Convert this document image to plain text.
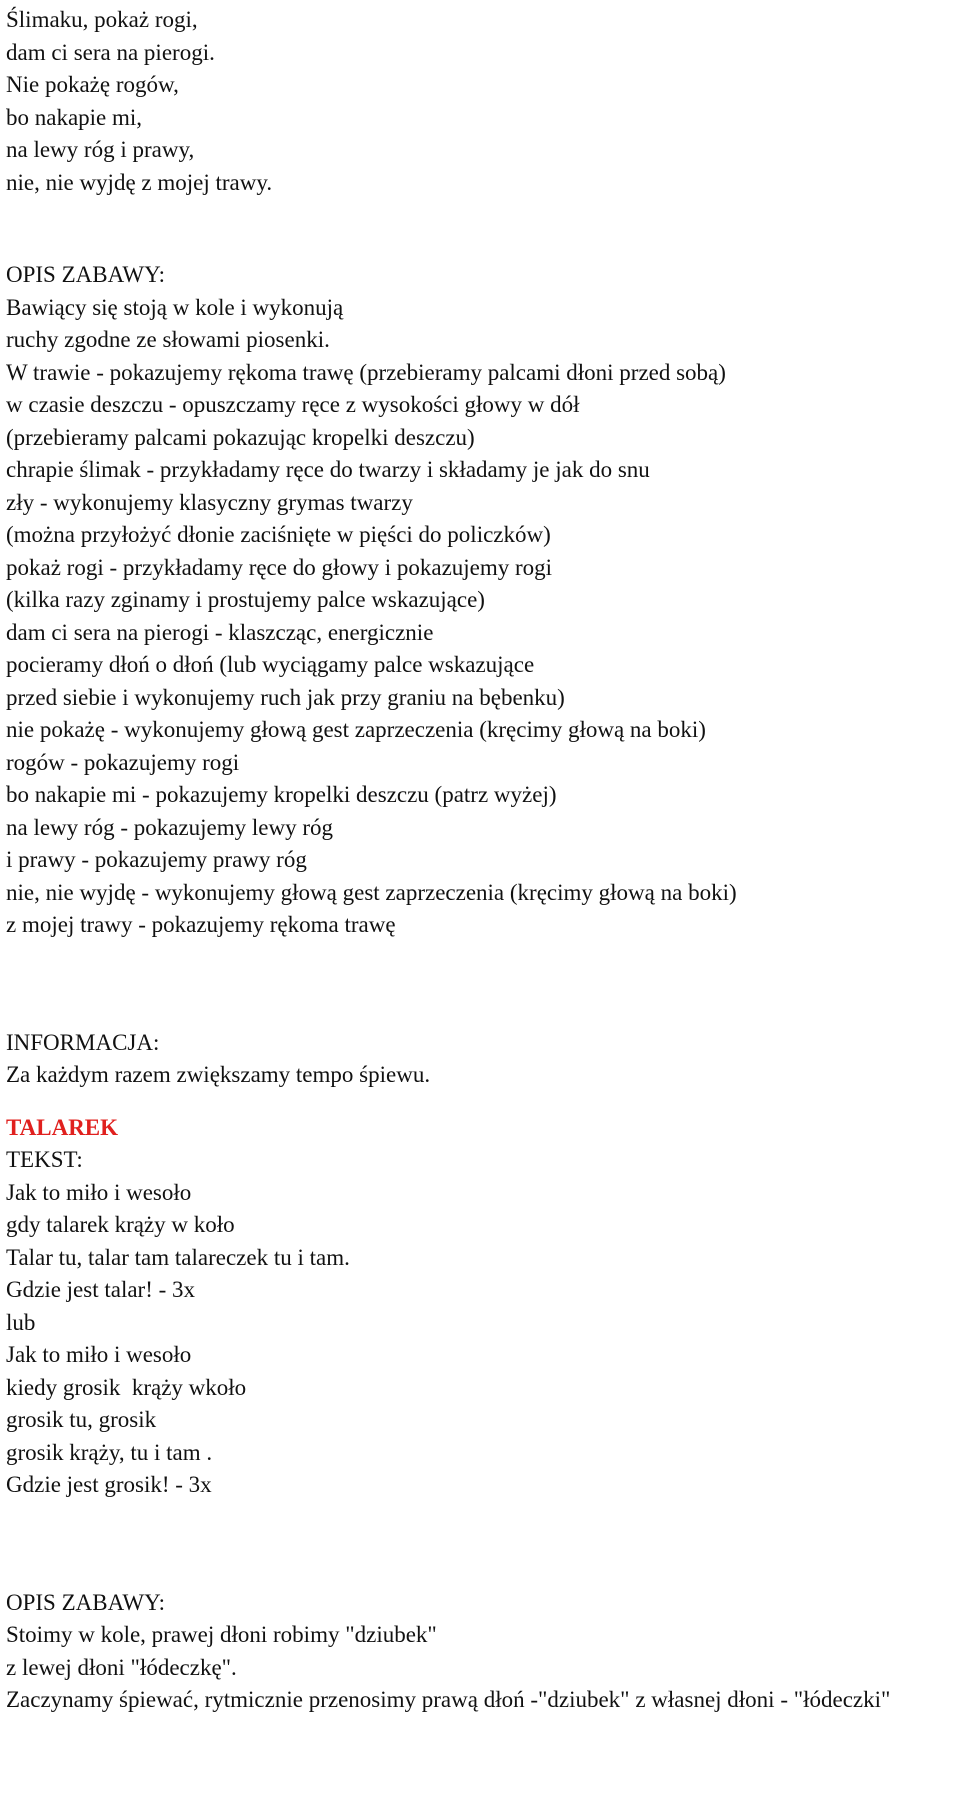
Ślimaku, pokaż rogi,
dam ci sera na pierogi.
Nie pokażę rogów,
bo nakapie mi,
na lewy róg i prawy,
nie, nie wyjdę z mojej trawy.
OPIS ZABAWY:
Bawiący się stoją w kole i wykonują
ruchy zgodne ze słowami piosenki.
W trawie - pokazujemy rękoma trawę (przebieramy palcami dłoni przed sobą)
w czasie deszczu - opuszczamy ręce z wysokości głowy w dół
(przebieramy palcami pokazując kropelki deszczu)
chrapie ślimak - przykładamy ręce do twarzy i składamy je jak do snu
zły - wykonujemy klasyczny grymas twarzy
(można przyłożyć dłonie zaciśnięte w pięści do policzków)
pokaż rogi - przykładamy ręce do głowy i pokazujemy rogi
(kilka razy zginamy i prostujemy palce wskazujące)
dam ci sera na pierogi - klaszcząc, energicznie
pocieramy dłoń o dłoń (lub wyciągamy palce wskazujące
przed siebie i wykonujemy ruch jak przy graniu na bębenku)
nie pokażę - wykonujemy głową gest zaprzeczenia (kręcimy głową na boki)
rogów - pokazujemy rogi
bo nakapie mi - pokazujemy kropelki deszczu (patrz wyżej)
na lewy róg - pokazujemy lewy róg
i prawy - pokazujemy prawy róg
nie, nie wyjdę - wykonujemy głową gest zaprzeczenia (kręcimy głową na boki)
z mojej trawy - pokazujemy rękoma trawę
INFORMACJA:
Za każdym razem zwiększamy tempo śpiewu.
TALAREK
TEKST:
Jak to miło i wesoło
gdy talarek krąży w koło
Talar tu, talar tam talareczek tu i tam.
Gdzie jest talar! - 3x
lub
Jak to miło i wesoło
kiedy grosik  krąży wkoło
grosik tu, grosik
grosik krąży, tu i tam .
Gdzie jest grosik! - 3x
OPIS ZABAWY:
Stoimy w kole, prawej dłoni robimy "dziubek"
z lewej dłoni "łódeczkę".
Zaczynamy śpiewać, rytmicznie przenosimy prawą dłoń -"dziubek" z własnej dłoni - "łódeczki"
